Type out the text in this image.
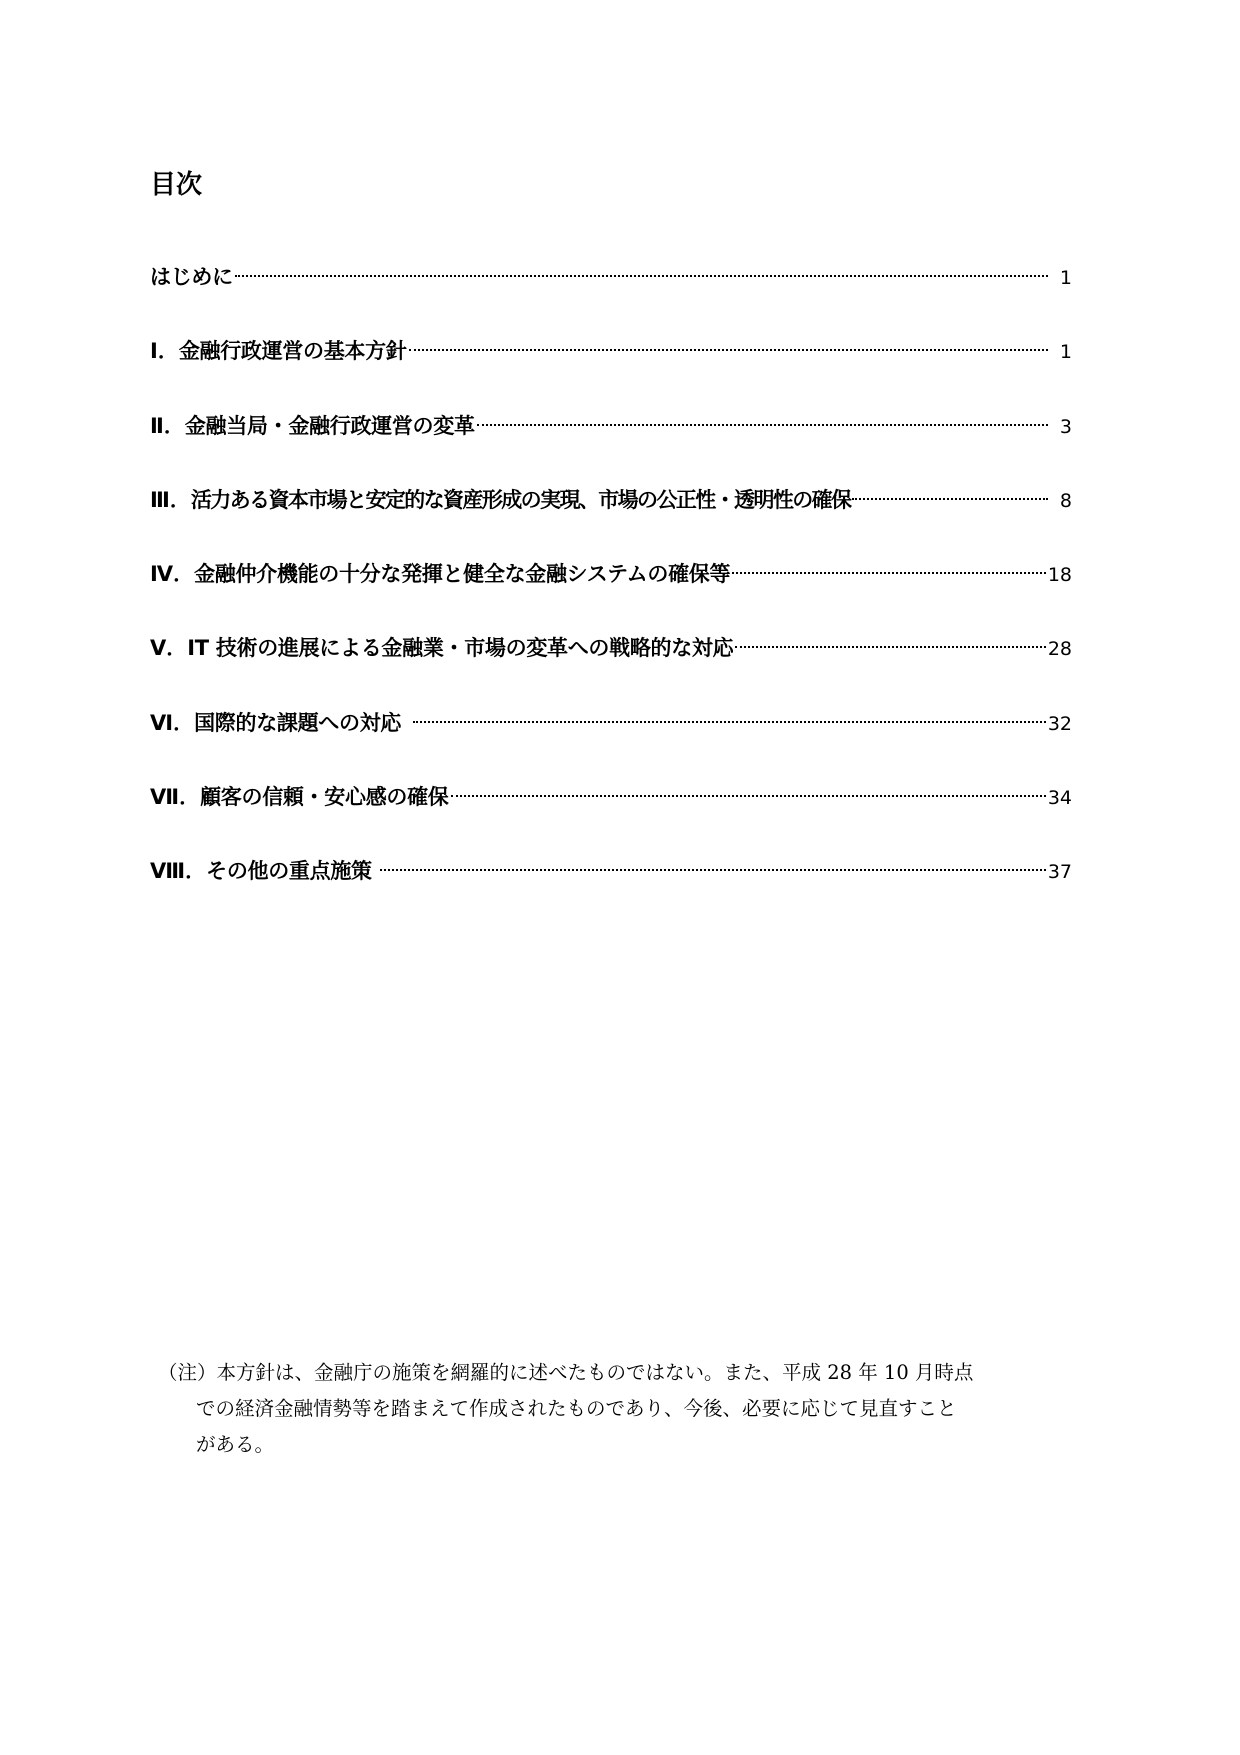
目次
はじめに	1
Ⅰ． 金融行政運営の基本方針	1
Ⅱ． 金融当局・金融行政運営の変革	3
Ⅲ． 活力ある資本市場と安定的な資産形成の実現、市場の公正性・透明性の確保	8
Ⅳ． 金融仲介機能の十分な発揮と健全な金融システムの確保等	18
Ⅴ． IT 技術の進展による金融業・市場の変革への戦略的な対応	28
Ⅵ． 国際的な課題への対応	32
Ⅶ． 顧客の信頼・安心感の確保	34
Ⅷ． その他の重点施策	37

（注）本方針は、金融庁の施策を網羅的に述べたものではない。また、平成 28 年 10 月時点
での経済金融情勢等を踏まえて作成されたものであり、今後、必要に応じて見直すこと
がある。
